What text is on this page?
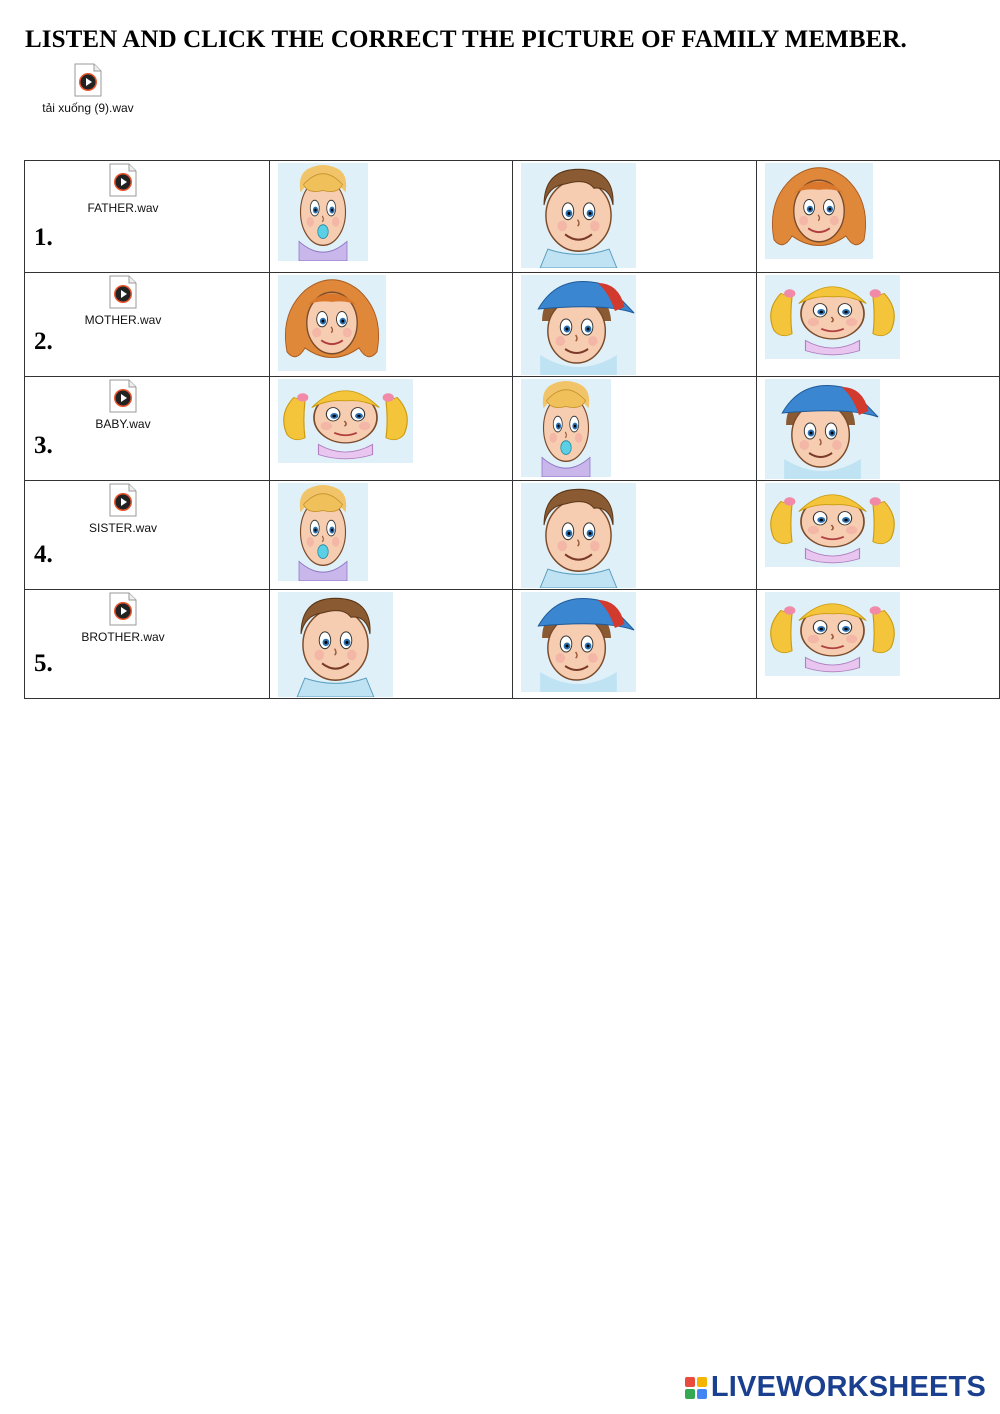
LISTEN AND CLICK THE CORRECT THE PICTURE OF FAMILY MEMBER.
tải xuống (9).wav
FATHER.wav
1.

MOTHER.wav
2.

BABY.wav
3.

SISTER.wav
4.

BROTHER.wav
5.

LIVEWORKSHEETS
